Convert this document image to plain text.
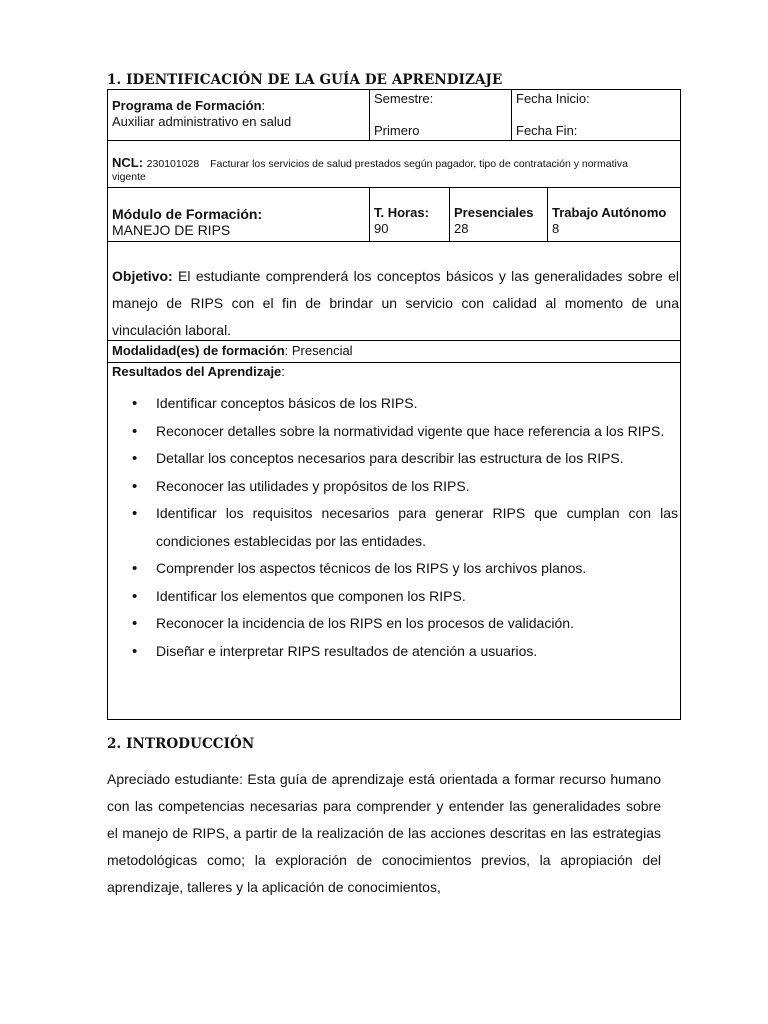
1. IDENTIFICACIÓN DE LA GUÍA DE APRENDIZAJE
Programa de Formación:
Auxiliar administrativo en salud
Semestre:
Primero
Fecha Inicio:
Fecha Fin:
NCL: 230101028 Facturar los servicios de salud prestados según pagador, tipo de contratación y normativa
vigente
Módulo de Formación:
MANEJO DE RIPS
T. Horas:
90
Presenciales
28
Trabajo Autónomo
8
Objetivo: El estudiante comprenderá los conceptos básicos y las generalidades sobre el manejo de RIPS con el fin de brindar un servicio con calidad al momento de una vinculación laboral.
Modalidad(es) de formación: Presencial
Resultados del Aprendizaje:
• Identificar conceptos básicos de los RIPS.
• Reconocer detalles sobre la normatividad vigente que hace referencia a los RIPS.
• Detallar los conceptos necesarios para describir las estructura de los RIPS.
• Reconocer las utilidades y propósitos de los RIPS.
• Identificar los requisitos necesarios para generar RIPS que cumplan con las condiciones establecidas por las entidades.
• Comprender los aspectos técnicos de los RIPS y los archivos planos.
• Identificar los elementos que componen los RIPS.
• Reconocer la incidencia de los RIPS en los procesos de validación.
• Diseñar e interpretar RIPS resultados de atención a usuarios.
2. INTRODUCCIÓN
Apreciado estudiante: Esta guía de aprendizaje está orientada a formar recurso humano con las competencias necesarias para comprender y entender las generalidades sobre el manejo de RIPS, a partir de la realización de las acciones descritas en las estrategias metodológicas como; la exploración de conocimientos previos, la apropiación del aprendizaje, talleres y la aplicación de conocimientos,
